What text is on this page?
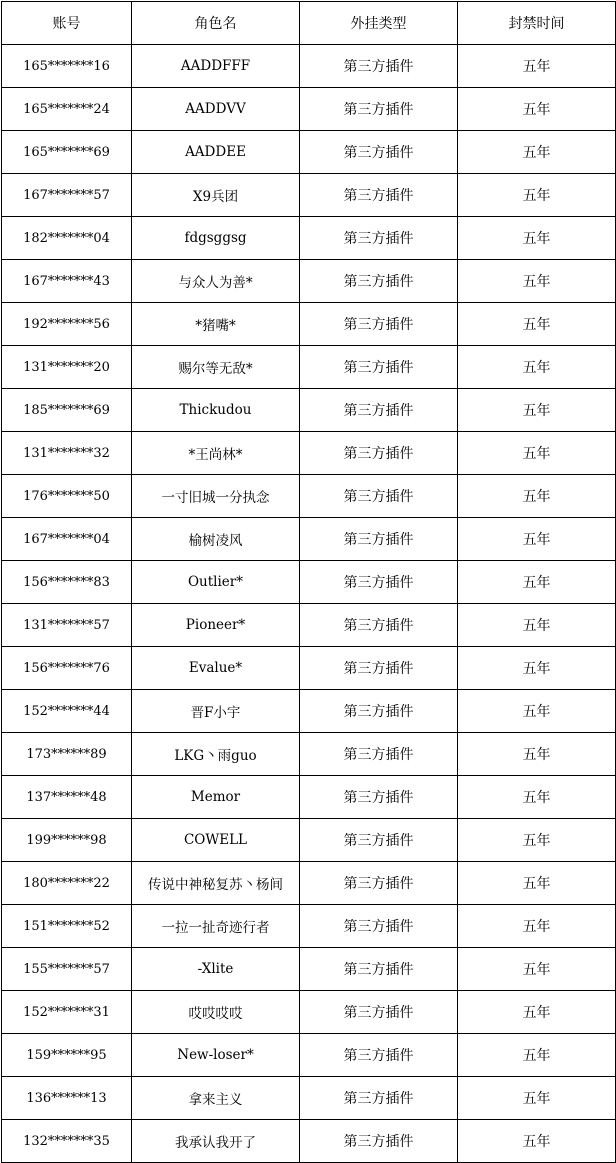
账号	角色名	外挂类型	封禁时间
165*******16	AADDFFF	第三方插件	五年
165*******24	AADDVV	第三方插件	五年
165*******69	AADDEE	第三方插件	五年
167*******57	X9兵团	第三方插件	五年
182*******04	fdgsggsg	第三方插件	五年
167*******43	与众人为善*	第三方插件	五年
192*******56	*猪嘴*	第三方插件	五年
131*******20	赐尔等无敌*	第三方插件	五年
185*******69	Thickudou	第三方插件	五年
131*******32	*王尚林*	第三方插件	五年
176*******50	一寸旧城一分执念	第三方插件	五年
167*******04	榆树凌风	第三方插件	五年
156*******83	Outlier*	第三方插件	五年
131*******57	Pioneer*	第三方插件	五年
156*******76	Evalue*	第三方插件	五年
152*******44	晋F小宇	第三方插件	五年
173******89	LKG丶雨guo	第三方插件	五年
137******48	Memor	第三方插件	五年
199******98	COWELL	第三方插件	五年
180*******22	传说中神秘复苏丶杨间	第三方插件	五年
151*******52	一拉一扯奇迹行者	第三方插件	五年
155*******57	-Xlite	第三方插件	五年
152*******31	哎哎哎哎	第三方插件	五年
159******95	New-loser*	第三方插件	五年
136******13	拿来主义	第三方插件	五年
132*******35	我承认我开了	第三方插件	五年
